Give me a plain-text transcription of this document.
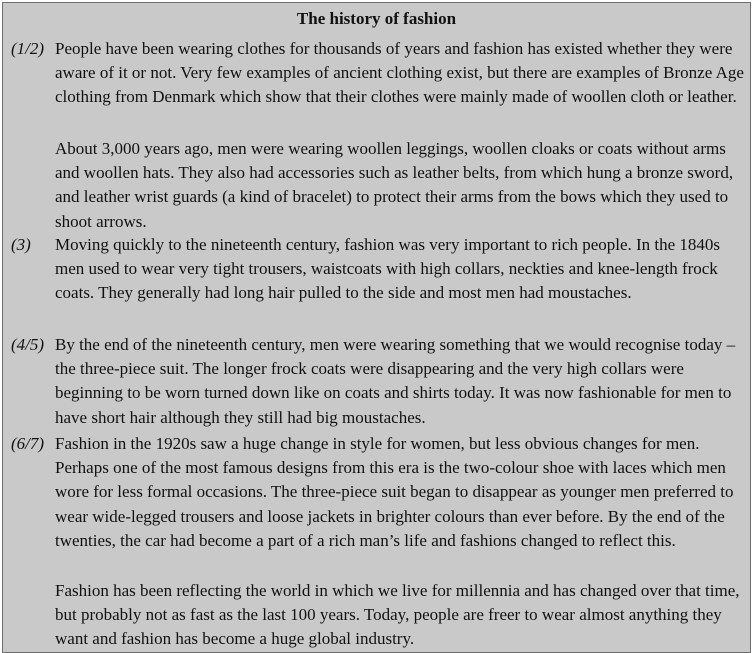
The history of fashion
(1/2) People have been wearing clothes for thousands of years and fashion has existed whether they were aware of it or not. Very few examples of ancient clothing exist, but there are examples of Bronze Age clothing from Denmark which show that their clothes were mainly made of woollen cloth or leather.
About 3,000 years ago, men were wearing woollen leggings, woollen cloaks or coats without arms and woollen hats. They also had accessories such as leather belts, from which hung a bronze sword, and leather wrist guards (a kind of bracelet) to protect their arms from the bows which they used to shoot arrows.
(3) Moving quickly to the nineteenth century, fashion was very important to rich people. In the 1840s men used to wear very tight trousers, waistcoats with high collars, neckties and knee-length frock coats. They generally had long hair pulled to the side and most men had moustaches.
(4/5) By the end of the nineteenth century, men were wearing something that we would recognise today – the three-piece suit. The longer frock coats were disappearing and the very high collars were beginning to be worn turned down like on coats and shirts today. It was now fashionable for men to have short hair although they still had big moustaches.
(6/7) Fashion in the 1920s saw a huge change in style for women, but less obvious changes for men. Perhaps one of the most famous designs from this era is the two-colour shoe with laces which men wore for less formal occasions. The three-piece suit began to disappear as younger men preferred to wear wide-legged trousers and loose jackets in brighter colours than ever before. By the end of the twenties, the car had become a part of a rich man’s life and fashions changed to reflect this.
Fashion has been reflecting the world in which we live for millennia and has changed over that time, but probably not as fast as the last 100 years. Today, people are freer to wear almost anything they want and fashion has become a huge global industry.
